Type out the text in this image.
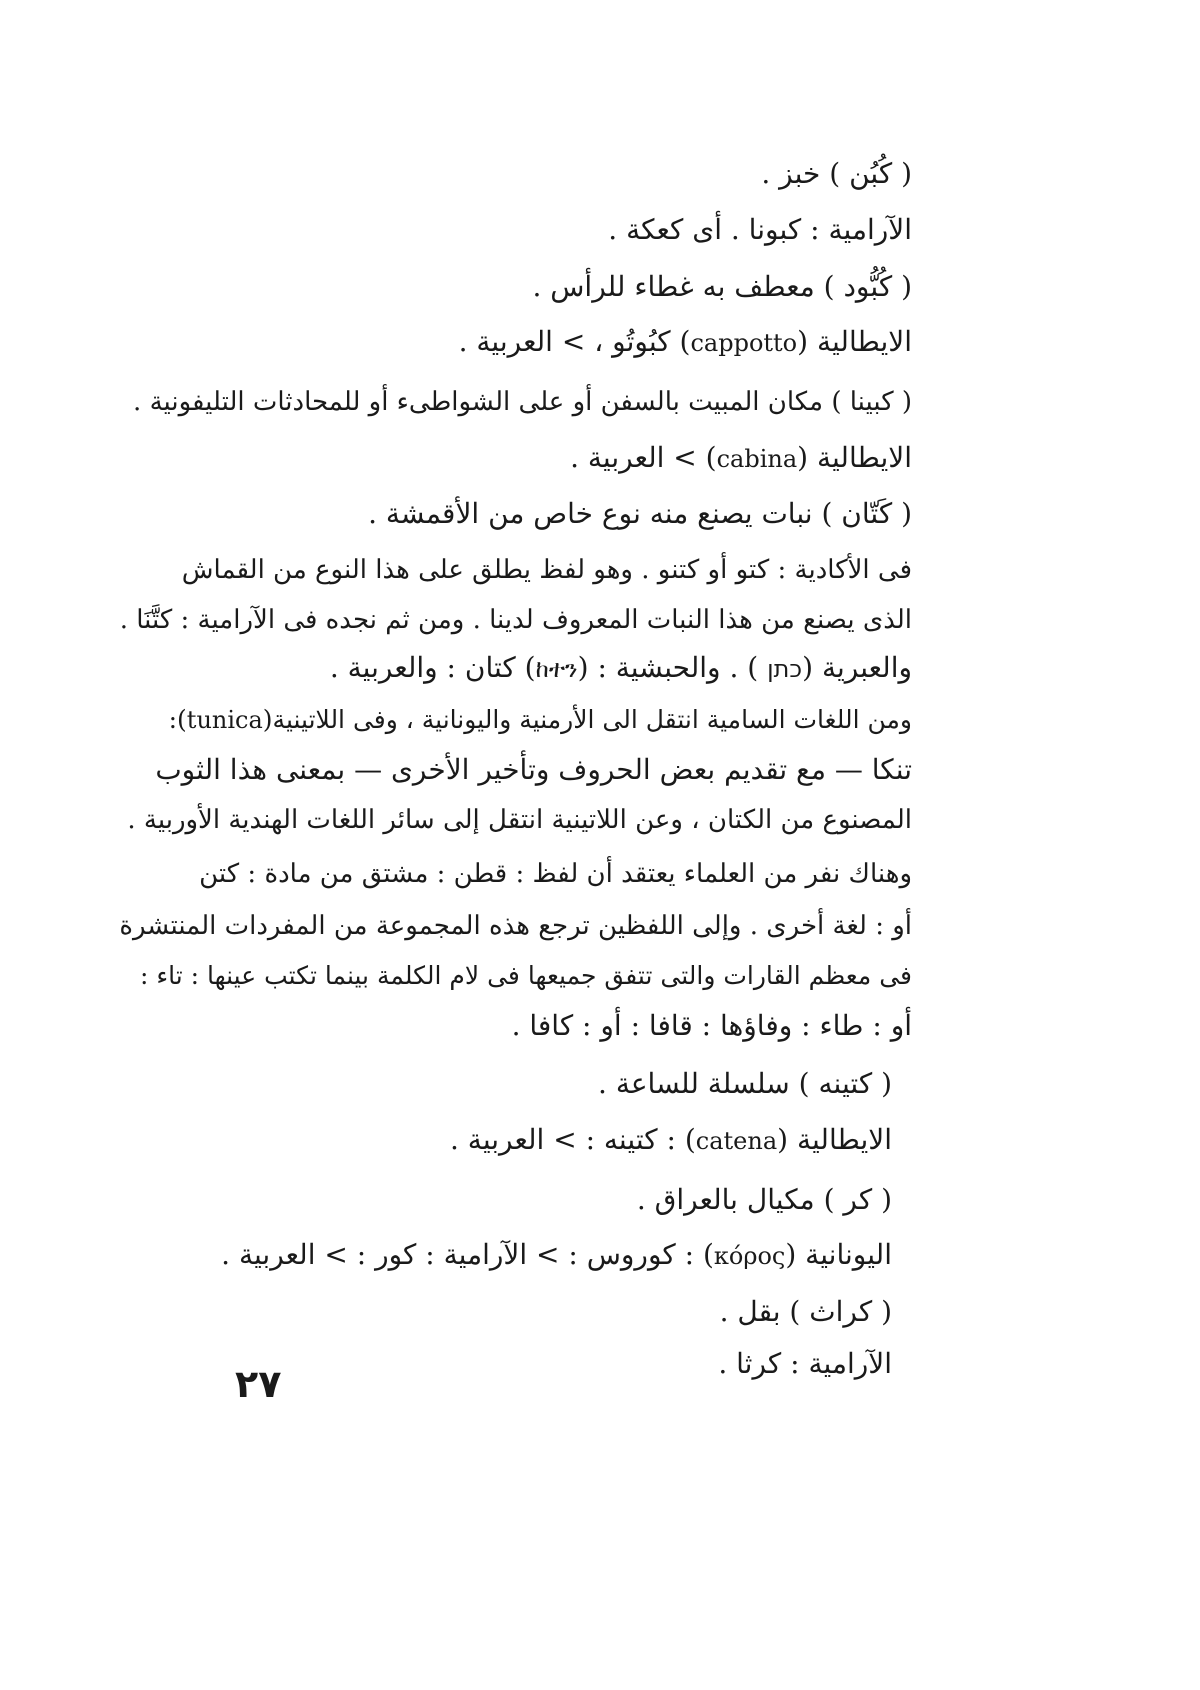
( كُبُن ) خبز .
الآرامية : كبونا . أى كعكة .
( كُبُّود ) معطف به غطاء للرأس .
الايطالية (cappotto) كبُوتُو ، > العربية .
( كبينا ) مكان المبيت بالسفن أو على الشواطىء أو للمحادثات التليفونية .
الايطالية (cabina) > العربية .
( كَتّان ) نبات يصنع منه نوع خاص من الأقمشة .
فى الأكادية : كتو أو كتنو . وهو لفظ يطلق على هذا النوع من القماش
الذى يصنع من هذا النبات المعروف لدينا . ومن ثم نجده فى الآرامية : كتَّنَا .
والعبرية (כתן ) . والحبشية : (ከተን) كتان : والعربية .
ومن اللغات السامية انتقل الى الأرمنية واليونانية ، وفى اللاتينية(tunica):
تنكا — مع تقديم بعض الحروف وتأخير الأخرى — بمعنى هذا الثوب
المصنوع من الكتان ، وعن اللاتينية انتقل إلى سائر اللغات الهندية الأوربية .
وهناك نفر من العلماء يعتقد أن لفظ : قطن : مشتق من مادة : كتن
أو : لغة أخرى . وإلى اللفظين ترجع هذه المجموعة من المفردات المنتشرة
فى معظم القارات والتى تتفق جميعها فى لام الكلمة بينما تكتب عينها : تاء :
أو : طاء : وفاؤها : قافا : أو : كافا .
( كتينه ) سلسلة للساعة .
الايطالية (catena) : كتينه : > العربية .
( كر ) مكيال بالعراق .
اليونانية (κόρος) : كوروس : > الآرامية : كور : > العربية .
( كراث ) بقل .
الآرامية : كرثا .
٢٧
